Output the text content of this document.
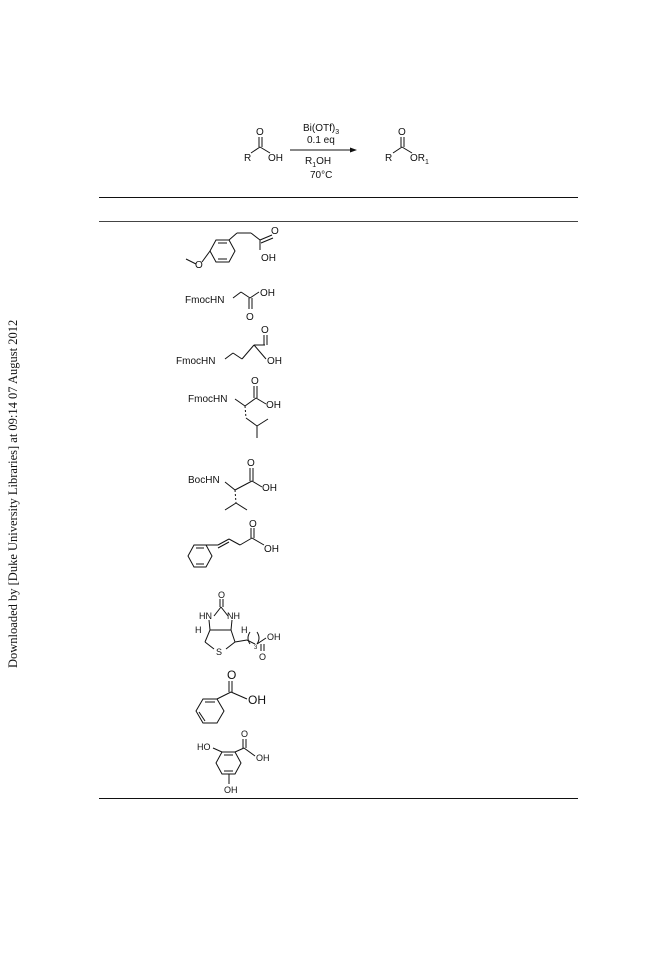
Downloaded by [Duke University Libraries] at 09:14 07 August 2012
R
O
OH
$Bi(OTf)_3$
0.1 eq
$R_1OH$
70°C
R
O
$OR_1$
O
OH
O
FmocHN
OH
O
FmocHN
O
OH
FmocHN
O
OH
BocHN
O
OH
O
OH
O
HN NH
H	H
S	3
O
OH
O
OH
HO
O
OH
OH
